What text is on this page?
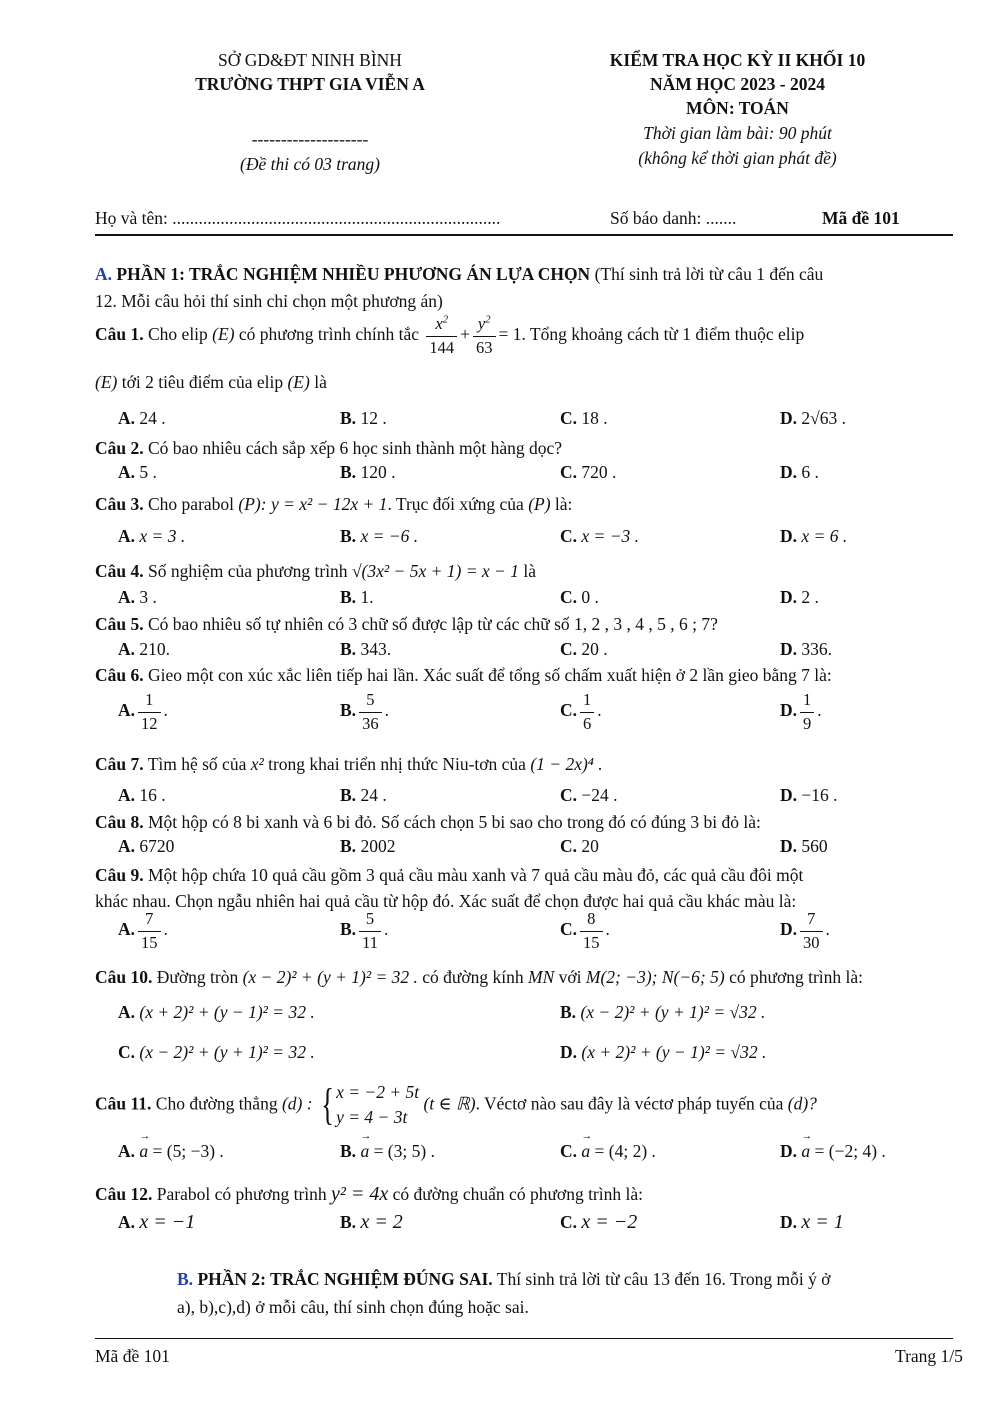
SỞ GD&ĐT NINH BÌNH
TRƯỜNG THPT GIA VIỄN A
--------------------
(Đề thi có 03 trang)
KIỂM TRA HỌC KỲ II KHỐI 10
NĂM HỌC 2023 - 2024
MÔN: TOÁN
Thời gian làm bài: 90 phút
(không kể thời gian phát đề)
Họ và tên: ...........................................................................	Số báo danh: .......	Mã đề 101
A. PHẦN 1: TRẮC NGHIỆM NHIỀU PHƯƠNG ÁN LỰA CHỌN (Thí sinh trả lời từ câu 1 đến câu
12. Mỗi câu hỏi thí sinh chỉ chọn một phương án)
Câu 1. Cho elip (E) có phương trình chính tắc $\frac{x^2}{144} + \frac{y^2}{63} = 1$. Tổng khoảng cách từ 1 điểm thuộc elip
(E) tới 2 tiêu điểm của elip (E) là
A. 24 .	B. 12 .	C. 18 .	D. 2√63 .
Câu 2. Có bao nhiêu cách sắp xếp 6 học sinh thành một hàng dọc?
A. 5 .	B. 120 .	C. 720 .	D. 6 .
Câu 3. Cho parabol (P): y = x² − 12x + 1. Trục đối xứng của (P) là:
A. x = 3 .	B. x = −6 .	C. x = −3 .	D. x = 6 .
Câu 4. Số nghiệm của phương trình √(3x² − 5x + 1) = x − 1 là
A. 3 .	B. 1.	C. 0 .	D. 2 .
Câu 5. Có bao nhiêu số tự nhiên có 3 chữ số được lập từ các chữ số 1, 2 , 3 , 4 , 5 , 6 ; 7?
A. 210.	B. 343.	C. 20 .	D. 336.
Câu 6. Gieo một con xúc xắc liên tiếp hai lần. Xác suất để tổng số chấm xuất hiện ở 2 lần gieo bằng 7 là:
A. $\frac{1}{12}$ .	B. $\frac{5}{36}$ .	C. $\frac{1}{6}$ .	D. $\frac{1}{9}$ .
Câu 7. Tìm hệ số của x² trong khai triển nhị thức Niu-tơn của (1 − 2x)⁴ .
A. 16 .	B. 24 .	C. −24 .	D. −16 .
Câu 8. Một hộp có 8 bi xanh và 6 bi đỏ. Số cách chọn 5 bi sao cho trong đó có đúng 3 bi đỏ là:
A. 6720	B. 2002	C. 20	D. 560
Câu 9. Một hộp chứa 10 quả cầu gồm 3 quả cầu màu xanh và 7 quả cầu màu đỏ, các quả cầu đôi một
khác nhau. Chọn ngẫu nhiên hai quả cầu từ hộp đó. Xác suất để chọn được hai quả cầu khác màu là:
A. $\frac{7}{15}$ .	B. $\frac{5}{11}$ .	C. $\frac{8}{15}$ .	D. $\frac{7}{30}$ .
Câu 10. Đường tròn (x − 2)² + (y + 1)² = 32 . có đường kính MN với M(2; −3); N(−6; 5) có phương trình là:
A. (x + 2)² + (y − 1)² = 32 .	B. (x − 2)² + (y + 1)² = √32 .
C. (x − 2)² + (y + 1)² = 32 .	D. (x + 2)² + (y − 1)² = √32 .
Câu 11. Cho đường thẳng (d) : { x = −2 + 5t
y = 4 − 3t
(t ∈ ℝ). Véctơ nào sau đây là véctơ pháp tuyến của (d)?
A. → a = (5; −3) .	B. → a = (3; 5) .	C. → a = (4; 2) .	D. → a = (−2; 4) .
Câu 12. Parabol có phương trình y² = 4x có đường chuẩn có phương trình là:
A. x = −1	B. x = 2	C. x = −2	D. x = 1
B. PHẦN 2: TRẮC NGHIỆM ĐÚNG SAI. Thí sinh trả lời từ câu 13 đến 16. Trong mỗi ý ở
a), b),c),d) ở mỗi câu, thí sinh chọn đúng hoặc sai.
Mã đề 101	Trang 1/5
